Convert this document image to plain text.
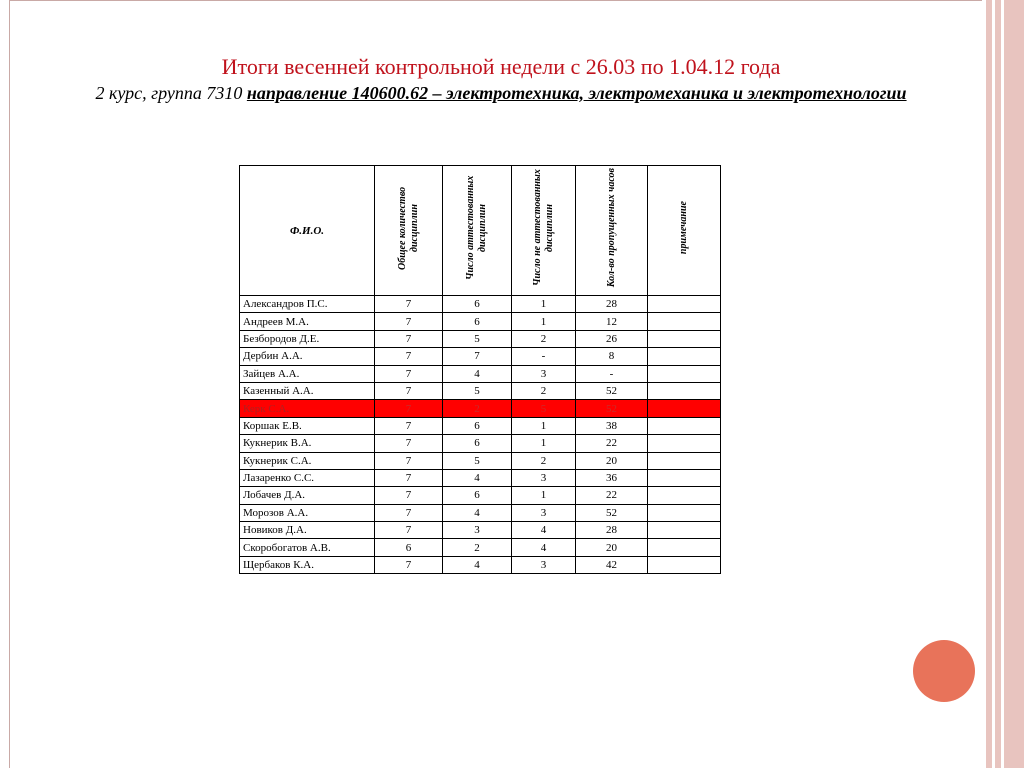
Итоги весенней контрольной недели с 26.03 по 1.04.12 года
2 курс, группа 7310 направление 140600.62 – электротехника, электромеханика и электротехнологии
Ф.И.О.	Общее количество дисциплин	Число аттестованных дисциплин	Число не аттестованных дисциплин	Кол-во пропущенных часов	примечание
Александров П.С.	7	6	1	28	
Андреев М.А.	7	6	1	12	
Безбородов Д.Е.	7	5	2	26	
Дербин А.А.	7	7	-	8	
Зайцев А.А.	7	4	3	-	
Казенный А.А.	7	5	2	52	
Керк С.А.	7	2	5	52	
Коршак Е.В.	7	6	1	38	
Кукнерик В.А.	7	6	1	22	
Кукнерик С.А.	7	5	2	20	
Лазаренко С.С.	7	4	3	36	
Лобачев Д.А.	7	6	1	22	
Морозов А.А.	7	4	3	52	
Новиков Д.А.	7	3	4	28	
Скоробогатов А.В.	6	2	4	20	
Щербаков К.А.	7	4	3	42	
